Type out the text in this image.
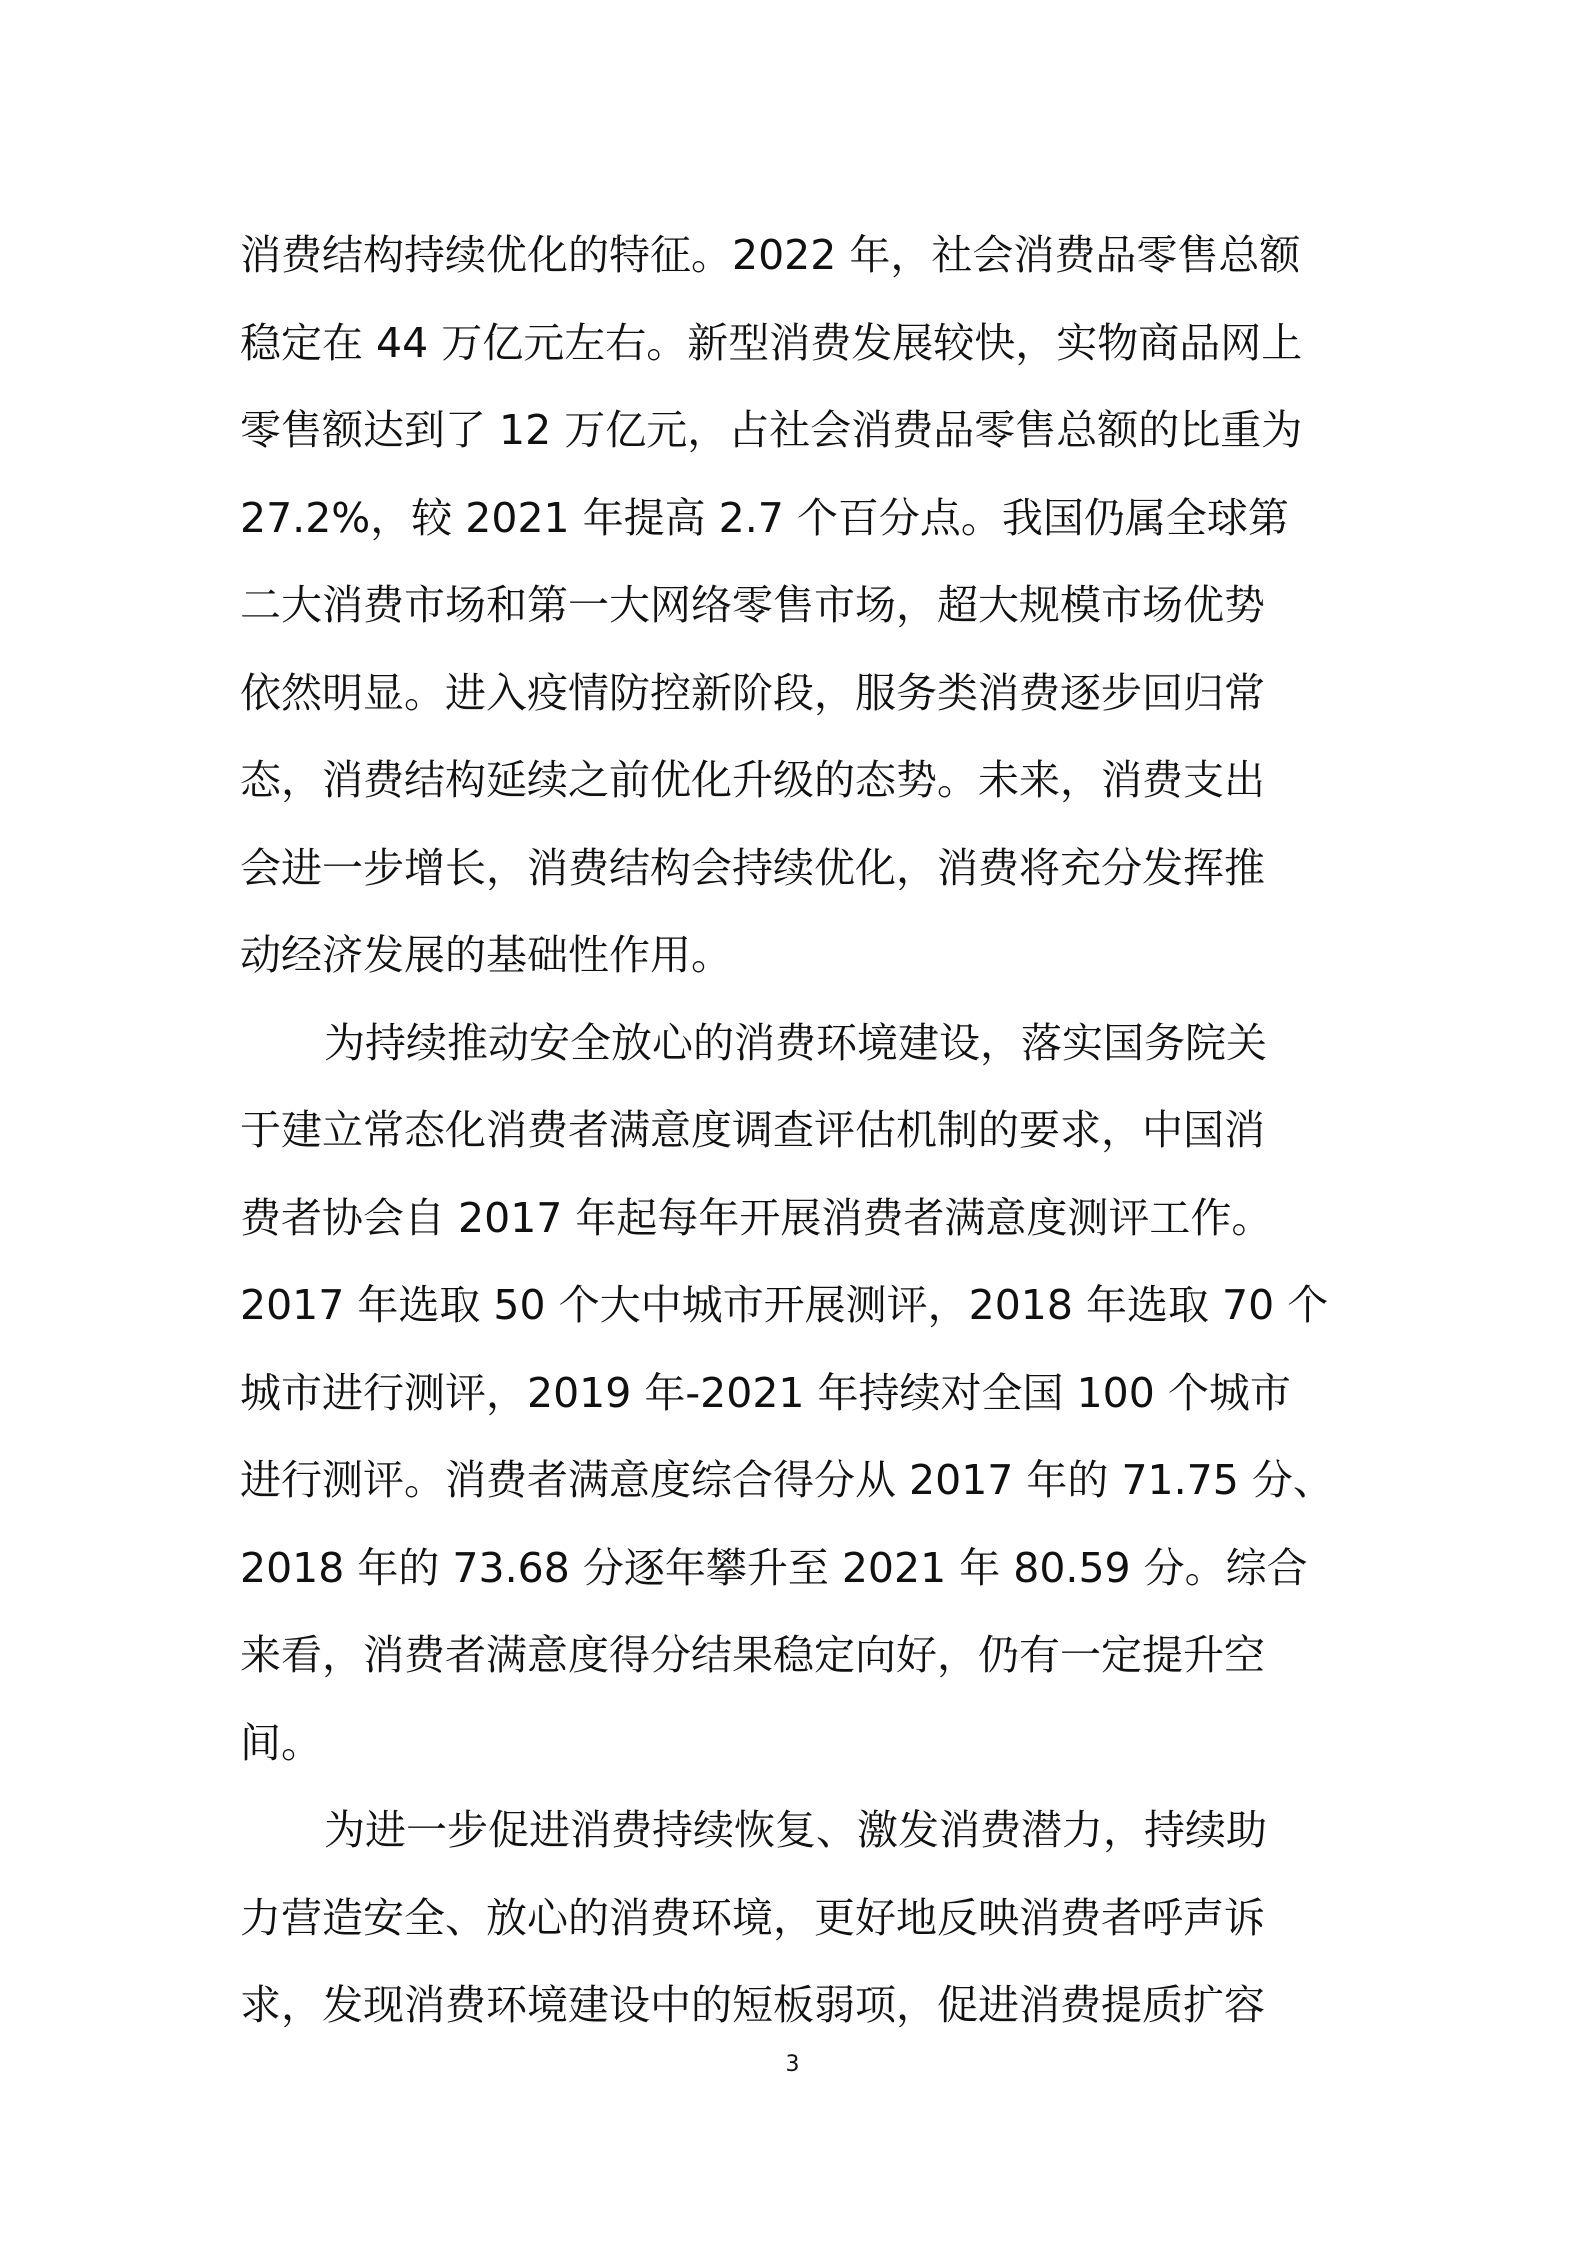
消费结构持续优化的特征。2022 年，社会消费品零售总额
稳定在 44 万亿元左右。新型消费发展较快，实物商品网上
零售额达到了 12 万亿元，占社会消费品零售总额的比重为
27.2%，较 2021 年提高 2.7 个百分点。我国仍属全球第
二大消费市场和第一大网络零售市场，超大规模市场优势
依然明显。进入疫情防控新阶段，服务类消费逐步回归常
态，消费结构延续之前优化升级的态势。未来，消费支出
会进一步增长，消费结构会持续优化，消费将充分发挥推
动经济发展的基础性作用。
为持续推动安全放心的消费环境建设，落实国务院关
于建立常态化消费者满意度调查评估机制的要求，中国消
费者协会自 2017 年起每年开展消费者满意度测评工作。
2017 年选取 50 个大中城市开展测评，2018 年选取 70 个
城市进行测评，2019 年-2021 年持续对全国 100 个城市
进行测评。消费者满意度综合得分从 2017 年的 71.75 分、
2018 年的 73.68 分逐年攀升至 2021 年 80.59 分。综合
来看，消费者满意度得分结果稳定向好，仍有一定提升空
间。
为进一步促进消费持续恢复、激发消费潜力，持续助
力营造安全、放心的消费环境，更好地反映消费者呼声诉
求，发现消费环境建设中的短板弱项，促进消费提质扩容
3
